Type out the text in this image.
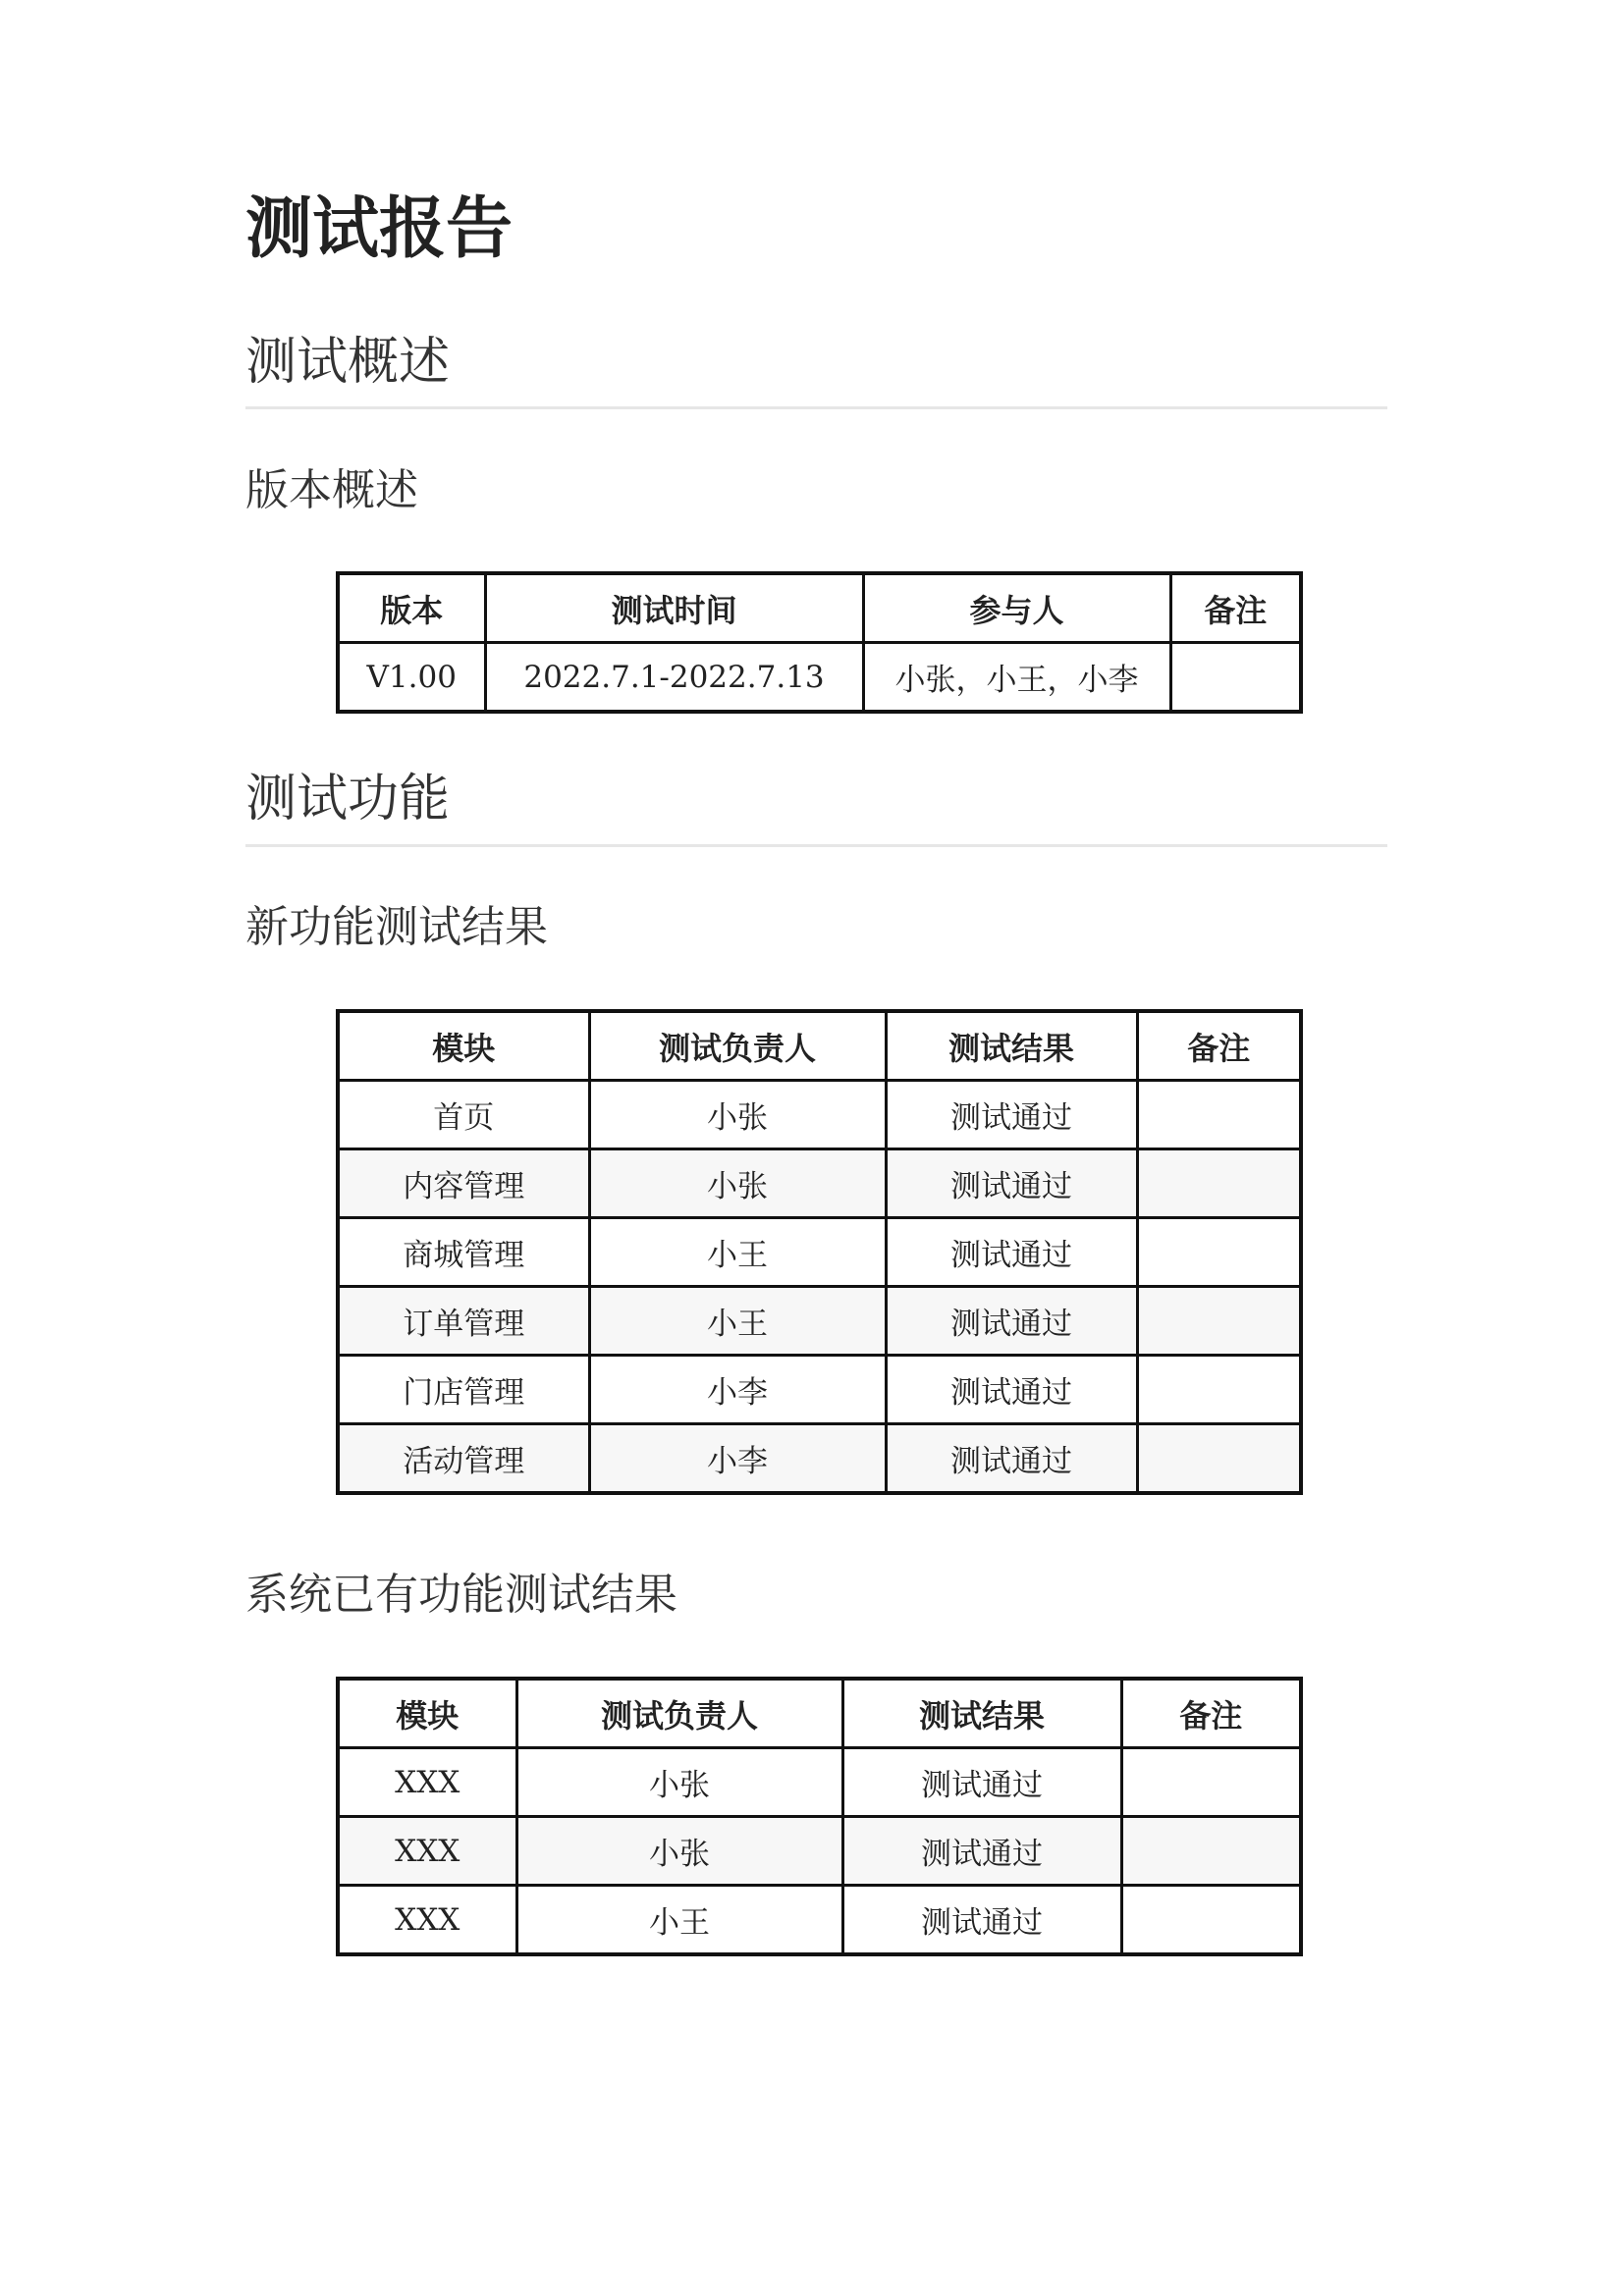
测试报告
测试概述
版本概述
版本	测试时间	参与人	备注
V1.00	2022.7.1-2022.7.13	小张，小王，小李	
测试功能
新功能测试结果
模块	测试负责人	测试结果	备注
首页	小张	测试通过	
内容管理	小张	测试通过	
商城管理	小王	测试通过	
订单管理	小王	测试通过	
门店管理	小李	测试通过	
活动管理	小李	测试通过	
系统已有功能测试结果
模块	测试负责人	测试结果	备注
XXX	小张	测试通过	
XXX	小张	测试通过	
XXX	小王	测试通过	
